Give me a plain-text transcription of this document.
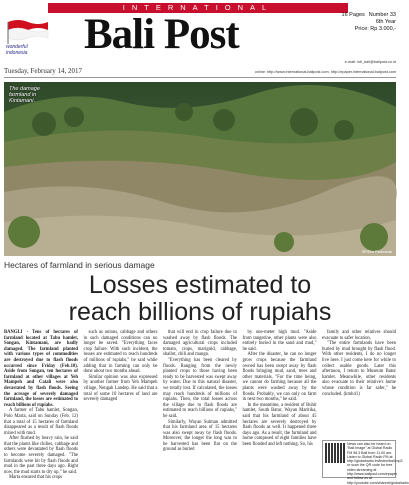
INTERNATIONAL
wonderful indonesia	Bali Post	16 Pages Number 33
6th Year
Price: Rp 3.000,-
e-mail: intl_bali@balipost.co.id
Tuesday, February 14, 2017	online: http://www.international.balipost.com, http://epaper.international.balipost.com
The damage farmland in Kintamani.
BP/Eka Parananda
Hectares of farmland in serious damage
Losses estimated to
reach billions of rupiahs

BANGLI - Tens of hectares of farmland located at Tabu hamlet, Songan, Kintamani, are badly damaged. The farmland planted with various types of commodities are destroyed due to flash floods occurred since Friday (Feb.10). Aside from Songan, ten hectares of farmland at other villages at Yeh Mampeh and Catali were also devastated by flash floods. Seeing the acreage of severely damaged farmland, the losses are estimated to reach billions of rupiahs.

A farmer of Tabu hamlet, Songan, Polo Marta, said on Sunday (Feb. 12) that a total of 15 hectares of farmland disappeared as a result of flash floods mixed with mud.

After flushed by heavy rain, he said that the plants like chilies, cabbage and others were devastated by flash floods to become severely damaged. "The farmlands were hit by flash floods and mud in the past three days ago. Right now, the mud starts to dry up," he said.

Marta ensured that his crops

such as onions, cabbage and others in such damaged conditions can no longer be saved. "Everything faces crop failure. With such incident, the losses are estimated to reach hundreds of millions of rupiahs," he said while adding that in farming can only be done about two months ahead.

Similar opinion was also expressed by another farmer from Yeh Mampeh village, Nengah Landep. He said that a total of some 10 hectares of land are severely damaged

that will end in crop failure due to washed away by flash floods. The damaged agricultural crops included tomato, crops, marigold, cabbage, shallot, chili and mango.

"Everything has been cleared by floods. Ranging from the newly planted crops to those having been ready to be harvested was swept away by water. Due to this natural disaster, we totally lost. If calculated, the losses may reach hundreds of millions of rupiahs. Then, the total losses across the village due to flash floods are estimated to reach billions of rupiahs," he said.

Similarly, Wayan Sulman admitted that his farmland area of 15 hectares was also swept away by flash floods. Moreover, the longer the long was to be harvested has been flat on the ground as buried

by one-meter high mud. "Aside from tangerine, other plants were also entirely buried in the sand and mud," he said.

After the disaster, he can no longer grow crops because the farmland owned has been swept away by flash floods bringing mud, sand, trees and other materials. "For the time being, we cannot do farming because all the plants were washed away by the floods. Probably, we can only on farm in next two months," he said.

In the meantime, a resident of Buhit hamlet, South Batur, Wayan Maritika, said that his farmland of about 45 hectares are severely destroyed by flash floods as well. It happened three days ago. As a result, the farmland and home composed of eight families have been flooded and left nothing. So, his

family and other relatives should evacuate to safer location.

"The entire farmlands have been buried by mud brought by flash flood. With other residents, I do no longer live here. I just come here for while to collect usable goods. Later this afternoon, I return to Museum Batur hamlet. Meanwhile, other residents also evacuate to their relative's home whose condition is far safer," he concluded. (kmb41)

News can also be heard on "Bali Image" at Global Radio FM 98.3 Bali from 11.00 am. Listen to Global Radio FM at http://globalradio.fm/listen/bali.mp3 or scan the QR code for free video streaming at http://www.balipost.com/epaper and follow us at http://youtube.com/channel/globalradio
